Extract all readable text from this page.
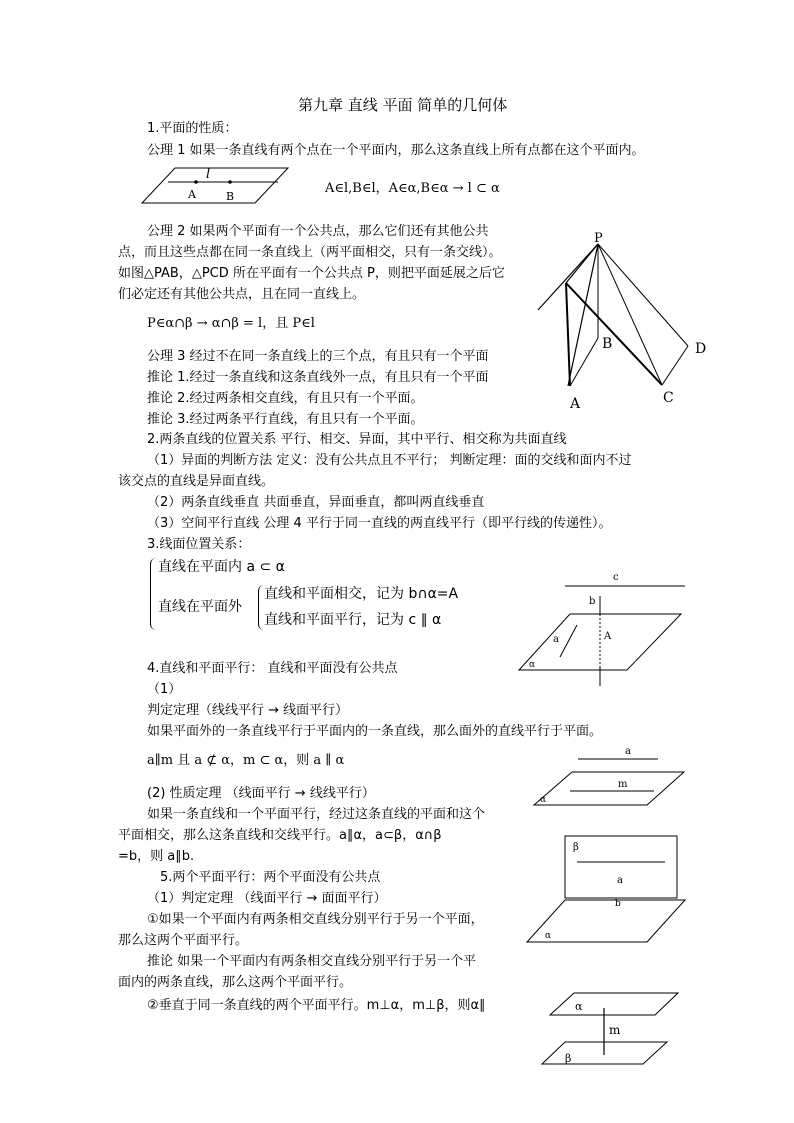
第九章 直线 平面 简单的几何体
1.平面的性质：
公理 1 如果一条直线有两个点在一个平面内，那么这条直线上所有点都在这个平面内。
l
A	B
A∈l,B∈l，A∈α,B∈α → l ⊂ α
公理 2 如果两个平面有一个公共点，那么它们还有其他公共
点，而且这些点都在同一条直线上（两平面相交，只有一条交线）。
如图△PAB，△PCD 所在平面有一个公共点 P，则把平面延展之后它
们必定还有其他公共点，且在同一直线上。
P
B
A	C
D
P∈α∩β → α∩β = l，且 P∈l
公理 3 经过不在同一条直线上的三个点，有且只有一个平面
推论 1.经过一条直线和这条直线外一点，有且只有一个平面
推论 2.经过两条相交直线，有且只有一个平面。
推论 3.经过两条平行直线，有且只有一个平面。
2.两条直线的位置关系 平行、相交、异面，其中平行、相交称为共面直线
（1）异面的判断方法 定义：没有公共点且不平行； 判断定理：面的交线和面内不过
该交点的直线是异面直线。
（2）两条直线垂直 共面垂直，异面垂直，都叫两直线垂直
（3）空间平行直线 公理 4 平行于同一直线的两直线平行（即平行线的传递性）。
3.线面位置关系：
直线在平面内 a ⊂ α
直线在平面外
直线和平面相交，记为 b∩α=A
直线和平面平行，记为 c ∥ α
c
b
A
a
α
4.直线和平面平行： 直线和平面没有公共点
（1）
判定定理（线线平行 → 线面平行）
如果平面外的一条直线平行于平面内的一条直线，那么面外的直线平行于平面。
a∥m 且 a ⊄ α，m ⊂ α，则 a ∥ α
a
m
α
(2) 性质定理 （线面平行 → 线线平行）
如果一条直线和一个平面平行，经过这条直线的平面和这个
平面相交，那么这条直线和交线平行。a∥α，a⊂β，α∩β
=b，则 a∥b.
β
a
b
α
5.两个平面平行：两个平面没有公共点
（1）判定定理 （线面平行 → 面面平行）
①如果一个平面内有两条相交直线分别平行于另一个平面，
那么这两个平面平行。
推论 如果一个平面内有两条相交直线分别平行于另一个平
面内的两条直线，那么这两个平面平行。
②垂直于同一条直线的两个平面平行。m⊥α，m⊥β，则α∥	α
m
β
